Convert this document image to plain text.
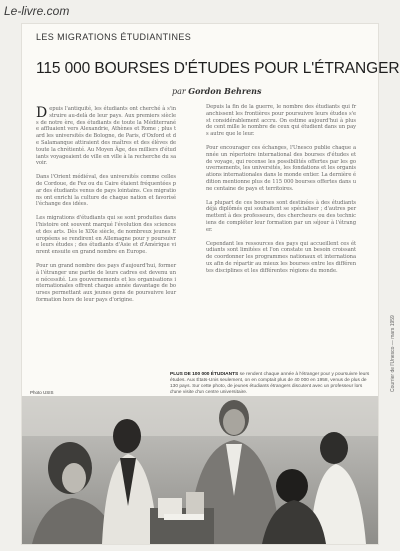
Le-livre.com
LES MIGRATIONS ÉTUDIANTINES
115 000 BOURSES D'ÉTUDES POUR L'ÉTRANGER
par Gordon Behrens

Depuis l'antiquité, les étudiants ont cherché à s'instruire au-delà de leur pays. Aux premiers siècles de notre ère, des étudiants de toute la Méditerranée affluaient vers Alexandrie, Athènes et Rome ; plus tard les universités de Bologne, de Paris, d'Oxford et de Salamanque attiraient des maîtres et des élèves de toute la chrétienté. Au Moyen Âge, des milliers d'étudiants voyageaient de ville en ville à la recherche du savoir.

Dans l'Orient médiéval, des universités comme celles de Cordoue, de Fez ou du Caire étaient fréquentées par des étudiants venus de pays lointains. Ces migrations ont enrichi la culture de chaque nation et favorisé l'échange des idées.

Les migrations d'étudiants qui se sont produites dans l'histoire ont souvent marqué l'évolution des sciences et des arts. Dès le XIXe siècle, de nombreux jeunes Européens se rendirent en Allemagne pour y poursuivre leurs études ; des étudiants d'Asie et d'Amérique vinrent ensuite en grand nombre en Europe.

Pour un grand nombre des pays d'aujourd'hui, former à l'étranger une partie de leurs cadres est devenu une nécessité. Les gouvernements et les organisations internationales offrent chaque année davantage de bourses permettant aux jeunes gens de poursuivre leur formation hors de leur pays d'origine.

Depuis la fin de la guerre, le nombre des étudiants qui franchissent les frontières pour poursuivre leurs études s'est considérablement accru. On estime aujourd'hui à plus de cent mille le nombre de ceux qui étudient dans un pays autre que le leur.

Pour encourager ces échanges, l'Unesco publie chaque année un répertoire international des bourses d'études et de voyage, qui recense les possibilités offertes par les gouvernements, les universités, les fondations et les organisations internationales dans le monde entier. La dernière édition mentionne plus de 115 000 bourses offertes dans une centaine de pays et territoires.

La plupart de ces bourses sont destinées à des étudiants déjà diplômés qui souhaitent se spécialiser ; d'autres permettent à des professeurs, des chercheurs ou des techniciens de compléter leur formation par un séjour à l'étranger.

Cependant les ressources des pays qui accueillent ces étudiants sont limitées et l'on constate un besoin croissant de coordonner les programmes nationaux et internationaux afin de répartir au mieux les bourses entre les différentes disciplines et les différentes régions du monde.

Photo USIS
PLUS DE 100 000 ÉTUDIANTS se rendent chaque année à l'étranger pour y poursuivre leurs études. Aux États-Unis seulement, on en comptait plus de 40 000 en 1958, venus de plus de 130 pays. Sur cette photo, de jeunes étudiants étrangers discutent avec un professeur lors d'une visite d'un centre universitaire.
Courrier de l'Unesco — mars 1959
